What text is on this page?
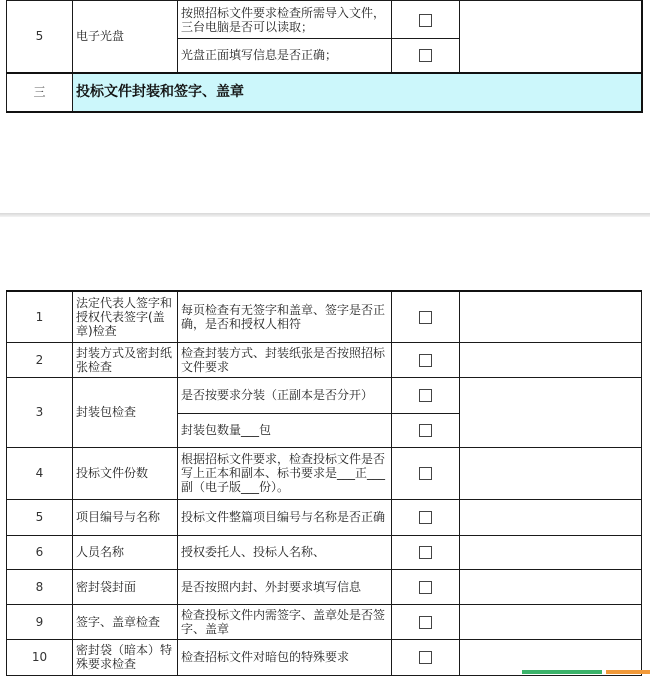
5	电子光盘	按照招标文件要求检查所需导入文件，三台电脑是否可以读取；		
		光盘正面填写信息是否正确；		
三	投标文件封装和签字、盖章			
1	法定代表人签字和授权代表签字(盖章)检查	每页检查有无签字和盖章、签字是否正确，是否和授权人相符		
2	封装方式及密封纸张检查	检查封装方式、封装纸张是否按照招标文件要求		
3	封装包检查	是否按要求分装（正副本是否分开）		
		封装包数量___包		
4	投标文件份数	根据招标文件要求，检查投标文件是否写上正本和副本、标书要求是___正___副（电子版___份）。		
5	项目编号与名称	投标文件整篇项目编号与名称是否正确		
6	人员名称	授权委托人、投标人名称、		
8	密封袋封面	是否按照内封、外封要求填写信息		
9	签字、盖章检查	检查投标文件内需签字、盖章处是否签字、盖章		
10	密封袋（暗本）特殊要求检查	检查招标文件对暗包的特殊要求		
